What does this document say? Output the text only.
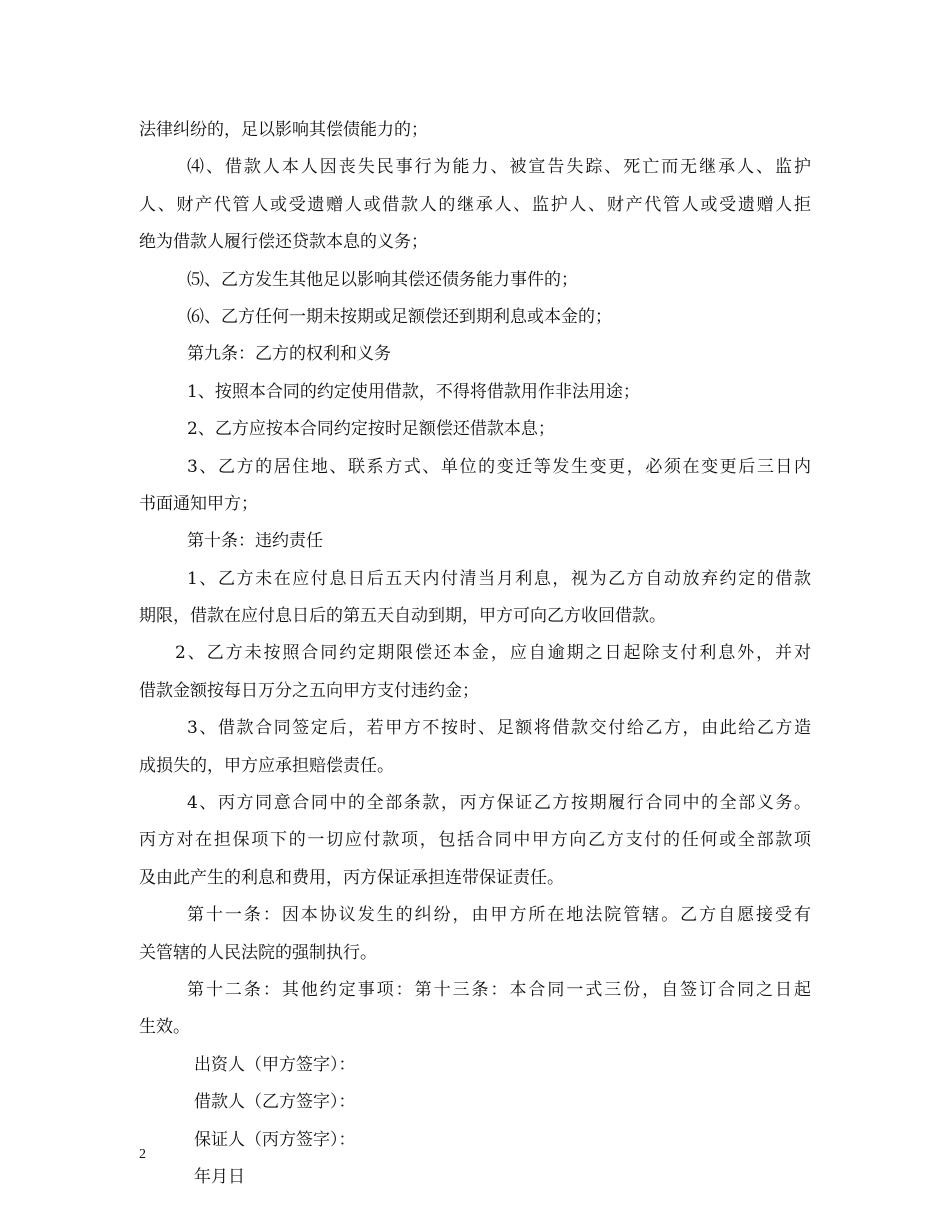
法律纠纷的，足以影响其偿债能力的；
⑷、借款人本人因丧失民事行为能力、被宣告失踪、死亡而无继承人、监护
人、财产代管人或受遗赠人或借款人的继承人、监护人、财产代管人或受遗赠人拒
绝为借款人履行偿还贷款本息的义务；
⑸、乙方发生其他足以影响其偿还债务能力事件的；
⑹、乙方任何一期未按期或足额偿还到期利息或本金的；
第九条：乙方的权利和义务
1、按照本合同的约定使用借款，不得将借款用作非法用途；
2、乙方应按本合同约定按时足额偿还借款本息；
3、乙方的居住地、联系方式、单位的变迁等发生变更，必须在变更后三日内
书面通知甲方；
第十条：违约责任
1、乙方未在应付息日后五天内付清当月利息，视为乙方自动放弃约定的借款
期限，借款在应付息日后的第五天自动到期，甲方可向乙方收回借款。
2、乙方未按照合同约定期限偿还本金，应自逾期之日起除支付利息外，并对
借款金额按每日万分之五向甲方支付违约金；
3、借款合同签定后，若甲方不按时、足额将借款交付给乙方，由此给乙方造
成损失的，甲方应承担赔偿责任。
4、丙方同意合同中的全部条款，丙方保证乙方按期履行合同中的全部义务。
丙方对在担保项下的一切应付款项，包括合同中甲方向乙方支付的任何或全部款项
及由此产生的利息和费用，丙方保证承担连带保证责任。
第十一条：因本协议发生的纠纷，由甲方所在地法院管辖。乙方自愿接受有
关管辖的人民法院的强制执行。
第十二条：其他约定事项：第十三条：本合同一式三份，自签订合同之日起
生效。
出资人（甲方签字）：
借款人（乙方签字）：
保证人（丙方签字）：
年月日
2
